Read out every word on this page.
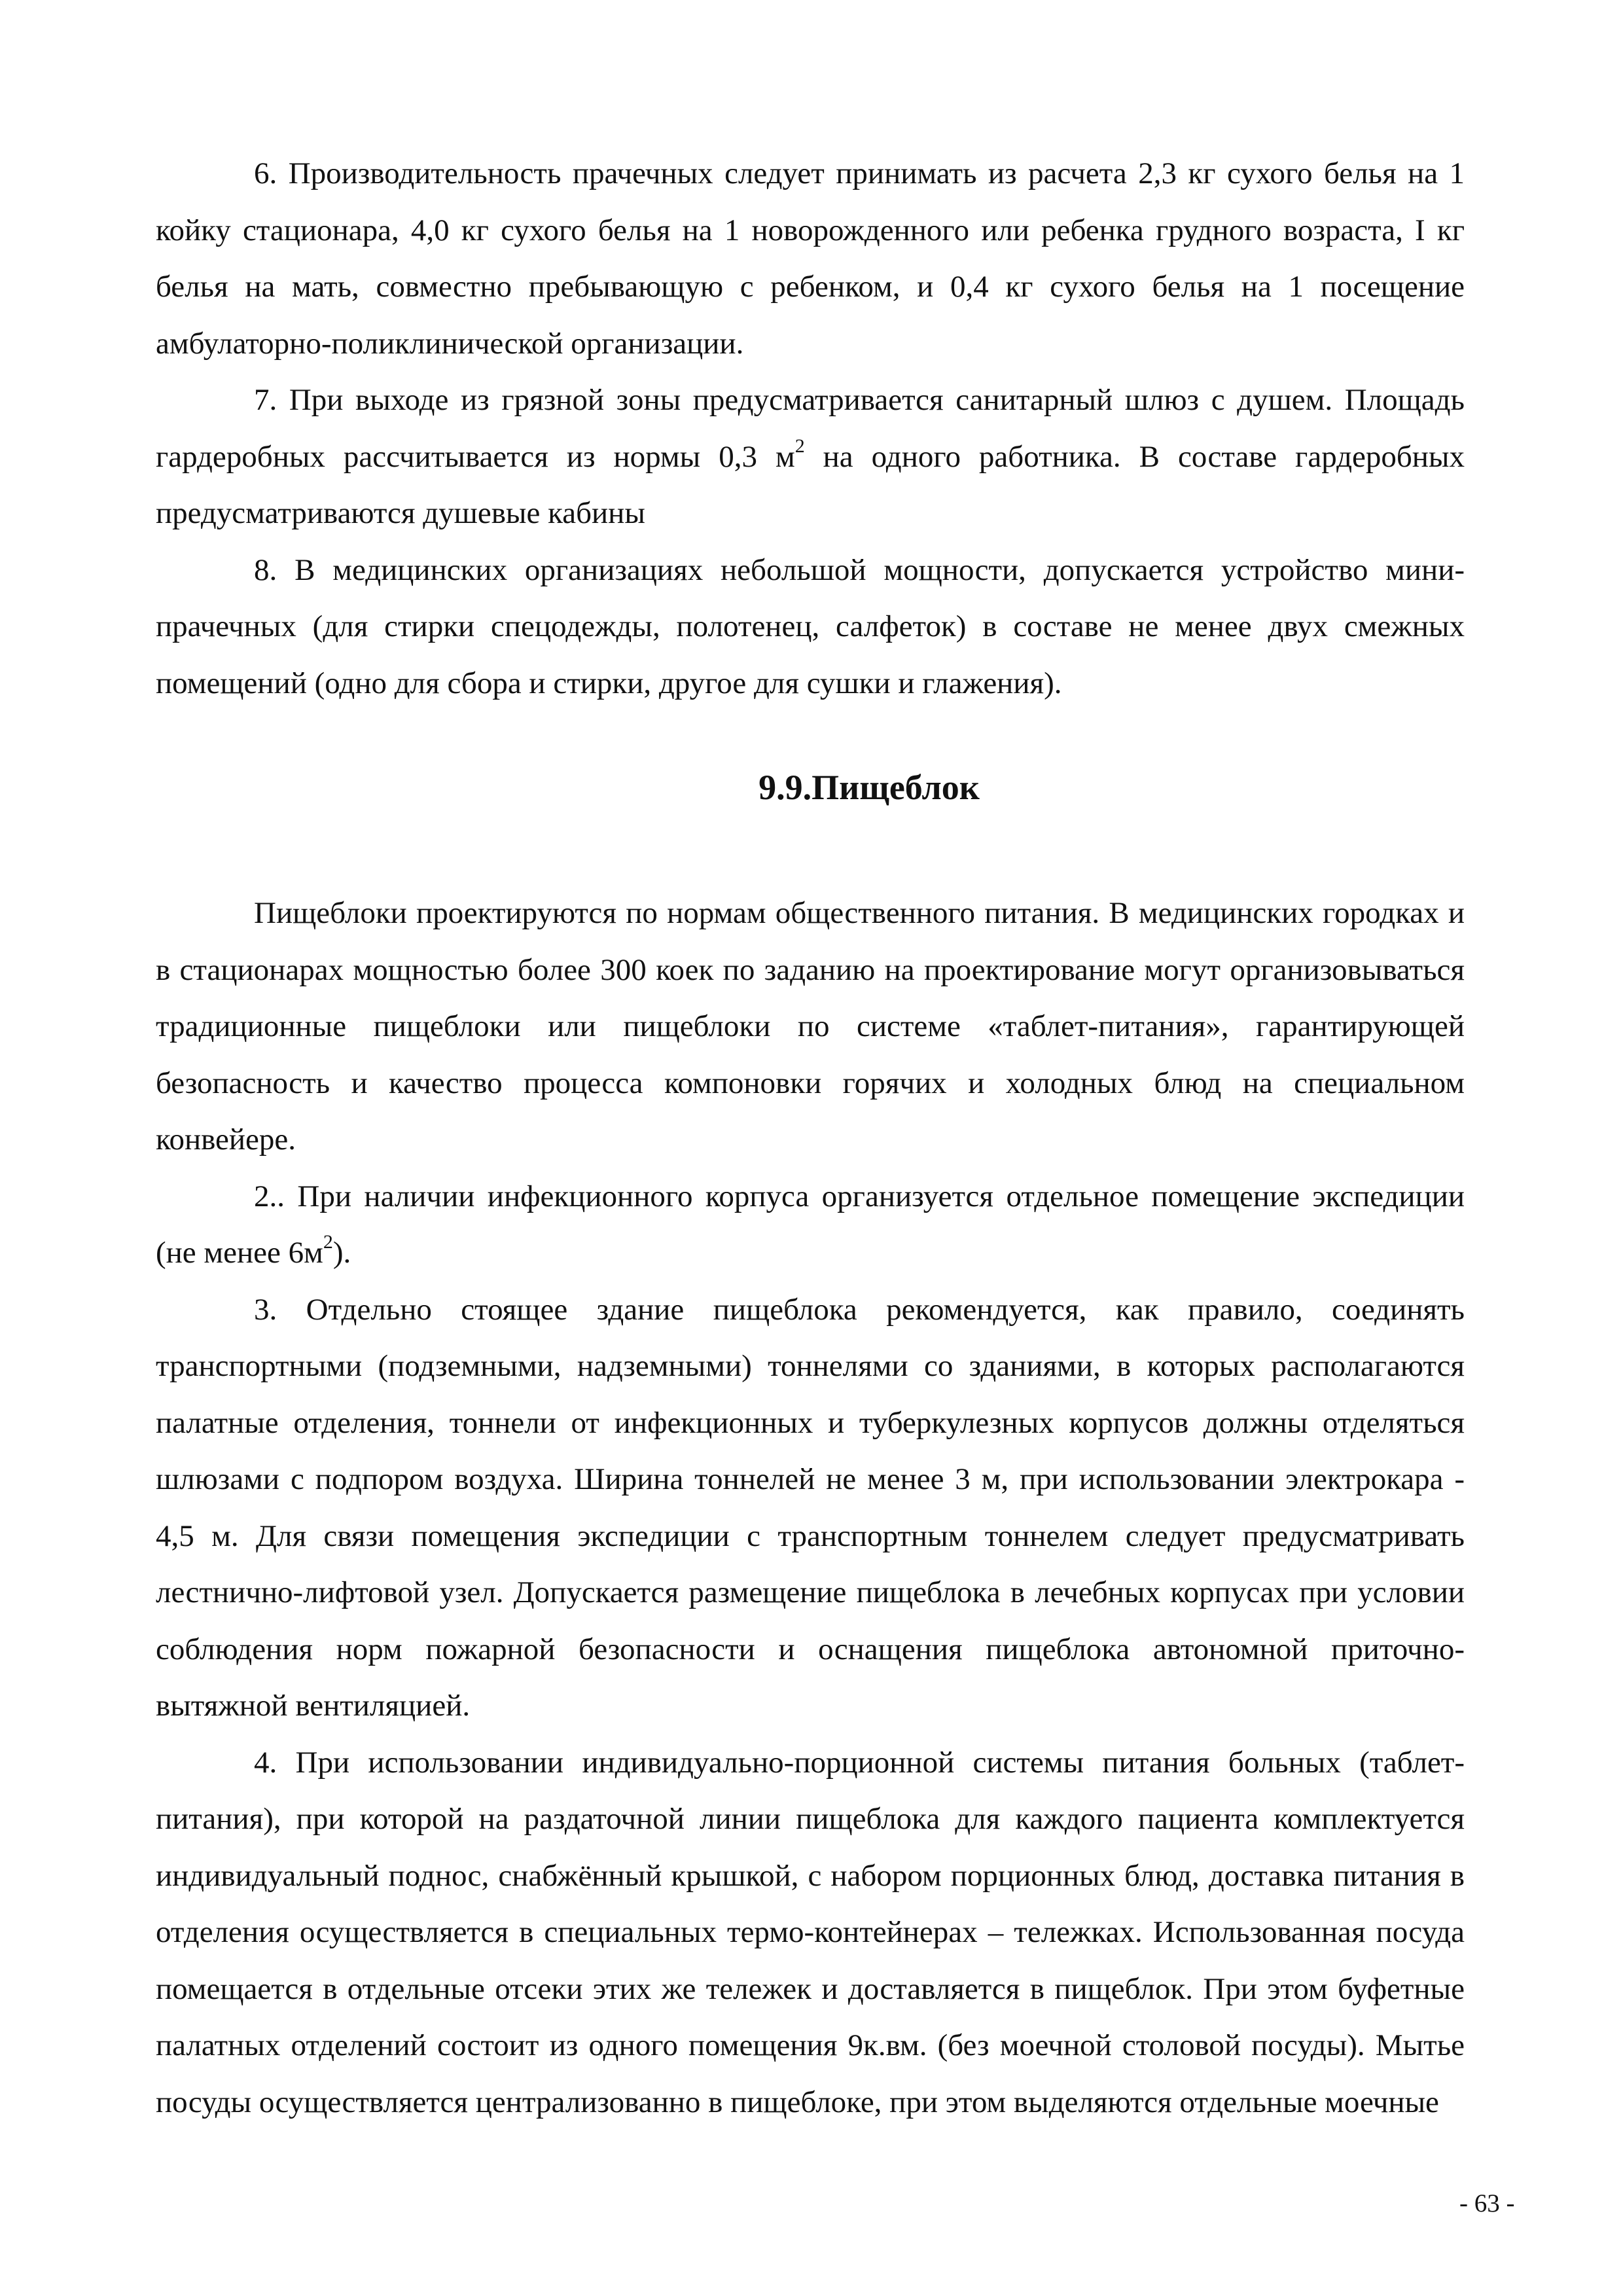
6. Производительность прачечных следует принимать из расчета 2,3 кг сухого белья на 1 койку стационара, 4,0 кг сухого белья на 1 новорожденного или ребенка грудного возраста, I кг белья на мать, совместно пребывающую с ребенком, и 0,4 кг сухого белья на 1 посещение амбулаторно-поликлинической организации.

7. При выходе из грязной зоны предусматривается санитарный шлюз с душем. Площадь гардеробных рассчитывается из нормы 0,3 $м^2$ на одного работника. В составе гардеробных предусматриваются душевые кабины

8. В медицинских организациях небольшой мощности, допускается устройство мини-прачечных (для стирки спецодежды, полотенец, салфеток) в составе не менее двух смежных помещений (одно для сбора и стирки, другое для сушки и глажения).

9.9.Пищеблок

Пищеблоки проектируются по нормам общественного питания. В медицинских городках и в стационарах мощностью более 300 коек по заданию на проектирование могут организовываться традиционные пищеблоки или пищеблоки по системе «таблет-питания», гарантирующей безопасность и качество процесса компоновки горячих и холодных блюд на специальном конвейере.

2.. При наличии инфекционного корпуса организуется отдельное помещение экспедиции (не менее $6м^2$).

3. Отдельно стоящее здание пищеблока рекомендуется, как правило, соединять транспортными (подземными, надземными) тоннелями со зданиями, в которых располагаются палатные отделения, тоннели от инфекционных и туберкулезных корпусов должны отделяться шлюзами с подпором воздуха. Ширина тоннелей не менее 3 м, при использовании электрокара - 4,5 м. Для связи помещения экспедиции с транспортным тоннелем следует предусматривать лестнично-лифтовой узел. Допускается размещение пищеблока в лечебных корпусах при условии соблюдения норм пожарной безопасности и оснащения пищеблока автономной приточно-вытяжной вентиляцией.

4. При использовании индивидуально-порционной системы питания больных (таблет-питания), при которой на раздаточной линии пищеблока для каждого пациента комплектуется индивидуальный поднос, снабжённый крышкой, с набором порционных блюд, доставка питания в отделения осуществляется в специальных термо-контейнерах – тележках. Использованная посуда помещается в отдельные отсеки этих же тележек и доставляется в пищеблок. При этом буфетные палатных отделений состоит из одного помещения 9к.вм. (без моечной столовой посуды). Мытье посуды осуществляется централизованно в пищеблоке, при этом выделяются отдельные моечные

- 63 -
